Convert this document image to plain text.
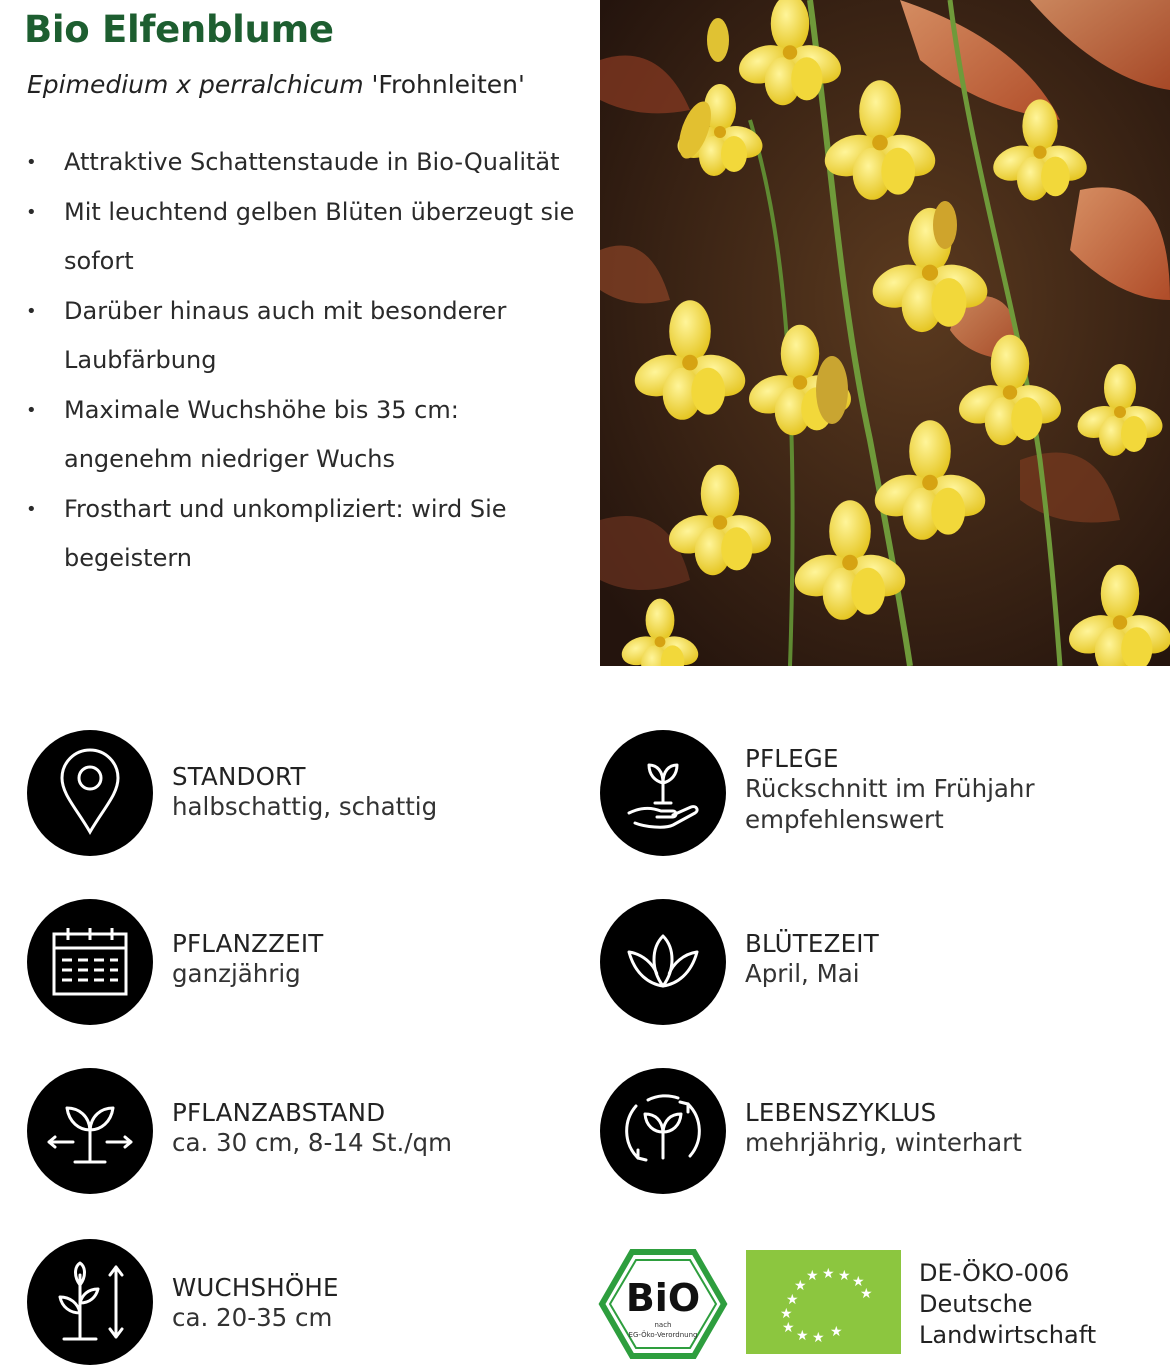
Bio Elfenblume
Epimedium x perralchicum 'Frohnleiten'
• Attraktive Schattenstaude in Bio-Qualität
• Mit leuchtend gelben Blüten überzeugt sie sofort
• Darüber hinaus auch mit besonderer Laubfärbung
• Maximale Wuchshöhe bis 35 cm: angenehm niedriger Wuchs
• Frosthart und unkompliziert: wird Sie begeistern
STANDORT
halbschattig, schattig
PFLEGE
Rückschnitt im Frühjahr empfehlenswert
PFLANZZEIT
ganzjährig
BLÜTEZEIT
April, Mai
PFLANZABSTAND
ca. 30 cm, 8-14 St./qm
LEBENSZYKLUS
mehrjährig, winterhart
WUCHSHÖHE
ca. 20-35 cm	BiO
nach
EG-Öko-Verordnung
★ ★ ★ ★
★
★
★
★
★ ★ ★ ★
DE-ÖKO-006
Deutsche
Landwirtschaft
